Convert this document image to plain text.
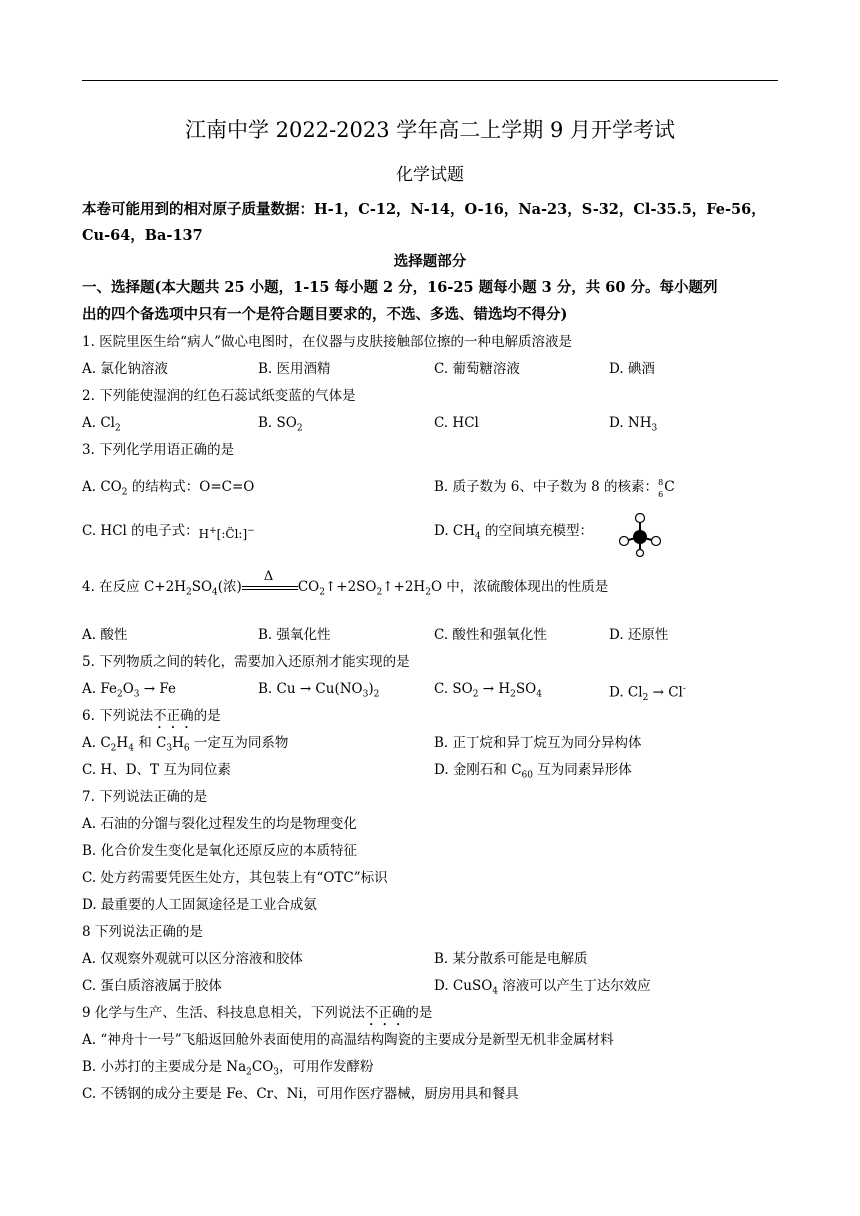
江南中学 2022-2023 学年高二上学期 9 月开学考试
化学试题
本卷可能用到的相对原子质量数据：H-1，C-12，N-14，O-16，Na-23，S-32，Cl-35.5，Fe-56，
Cu-64，Ba-137
选择题部分
一、选择题(本大题共 25 小题，1-15 每小题 2 分，16-25 题每小题 3 分，共 60 分。每小题列
出的四个备选项中只有一个是符合题目要求的，不选、多选、错选均不得分)
1. 医院里医生给“病人”做心电图时，在仪器与皮肤接触部位擦的一种电解质溶液是
A. 氯化钠溶液	B. 医用酒精	C. 葡萄糖溶液	D. 碘酒
2. 下列能使湿润的红色石蕊试纸变蓝的气体是
A. $Cl_2$	B. $SO_2$	C. HCl	D. $NH_3$
3. 下列化学用语正确的是
A. $CO_2$ 的结构式：O=C=O	B. 质子数为 6、中子数为 8 的核素： 8
6 C
C. HCl 的电子式： H+[:C̈l:]−	D. $CH_4$ 的空间填充模型：
4. 在反应 $C+2H_2SO_4$(浓)
Δ
$CO_2↑+2SO_2↑+2H_2O$ 中，浓硫酸体现出的性质是
A. 酸性	B. 强氧化性	C. 酸性和强氧化性	D. 还原性
5. 下列物质之间的转化，需要加入还原剂才能实现的是
A. $Fe_2O_3 \to Fe$	B. $Cu \to Cu(NO_3)_2$	C. $SO_2 \to H_2SO_4$	D. $Cl_2 \to Cl^-$
6. 下列说法不正确的是
A. $C_2H_4$ 和 $C_3H_6$ 一定互为同系物	B. 正丁烷和异丁烷互为同分异构体
C. H、D、T 互为同位素	D. 金刚石和 $C_{60}$ 互为同素异形体
7. 下列说法正确的是
A. 石油的分馏与裂化过程发生的均是物理变化
B. 化合价发生变化是氧化还原反应的本质特征
C. 处方药需要凭医生处方，其包装上有“OTC”标识
D. 最重要的人工固氮途径是工业合成氨
8 下列说法正确的是
A. 仅观察外观就可以区分溶液和胶体	B. 某分散系可能是电解质
C. 蛋白质溶液属于胶体	D. CuSO$_4$ 溶液可以产生丁达尔效应
9 化学与生产、生活、科技息息相关，下列说法不正确的是
A. “神舟十一号”飞船返回舱外表面使用的高温结构陶瓷的主要成分是新型无机非金属材料
B. 小苏打的主要成分是 $Na_2CO_3$，可用作发酵粉
C. 不锈钢的成分主要是 Fe、Cr、Ni，可用作医疗器械，厨房用具和餐具
